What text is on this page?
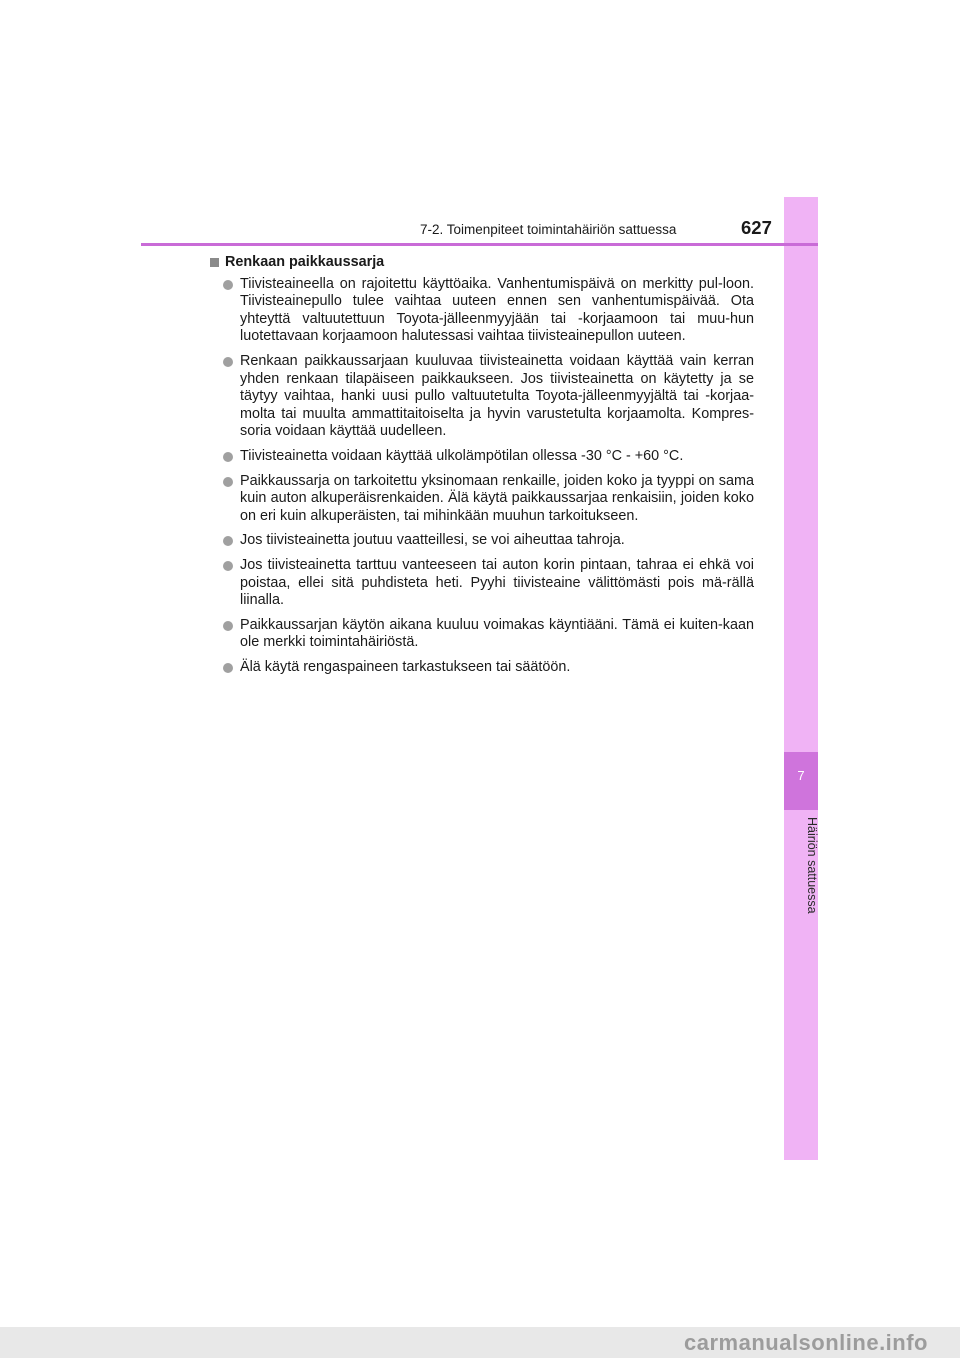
7
Häiriön sattuessa
7-2. Toimenpiteet toimintahäiriön sattuessa	627
Renkaan paikkaussarja
Tiivisteaineella on rajoitettu käyttöaika. Vanhentumispäivä on merkitty pul-loon. Tiivisteainepullo tulee vaihtaa uuteen ennen sen vanhentumispäivää. Ota yhteyttä valtuutettuun Toyota-jälleenmyyjään tai -korjaamoon tai muu-hun luotettavaan korjaamoon halutessasi vaihtaa tiivisteainepullon uuteen.
Renkaan paikkaussarjaan kuuluvaa tiivisteainetta voidaan käyttää vain kerran yhden renkaan tilapäiseen paikkaukseen. Jos tiivisteainetta on käytetty ja se täytyy vaihtaa, hanki uusi pullo valtuutetulta Toyota-jälleenmyyjältä tai -korjaa-molta tai muulta ammattitaitoiselta ja hyvin varustetulta korjaamolta. Kompres-soria voidaan käyttää uudelleen.
Tiivisteainetta voidaan käyttää ulkolämpötilan ollessa -30 °C - +60 °C.
Paikkaussarja on tarkoitettu yksinomaan renkaille, joiden koko ja tyyppi on sama kuin auton alkuperäisrenkaiden. Älä käytä paikkaussarjaa renkaisiin, joiden koko on eri kuin alkuperäisten, tai mihinkään muuhun tarkoitukseen.
Jos tiivisteainetta joutuu vaatteillesi, se voi aiheuttaa tahroja.
Jos tiivisteainetta tarttuu vanteeseen tai auton korin pintaan, tahraa ei ehkä voi poistaa, ellei sitä puhdisteta heti. Pyyhi tiivisteaine välittömästi pois mä-rällä liinalla.
Paikkaussarjan käytön aikana kuuluu voimakas käyntiääni. Tämä ei kuiten-kaan ole merkki toimintahäiriöstä.
Älä käytä rengaspaineen tarkastukseen tai säätöön.
carmanualsonline.info
